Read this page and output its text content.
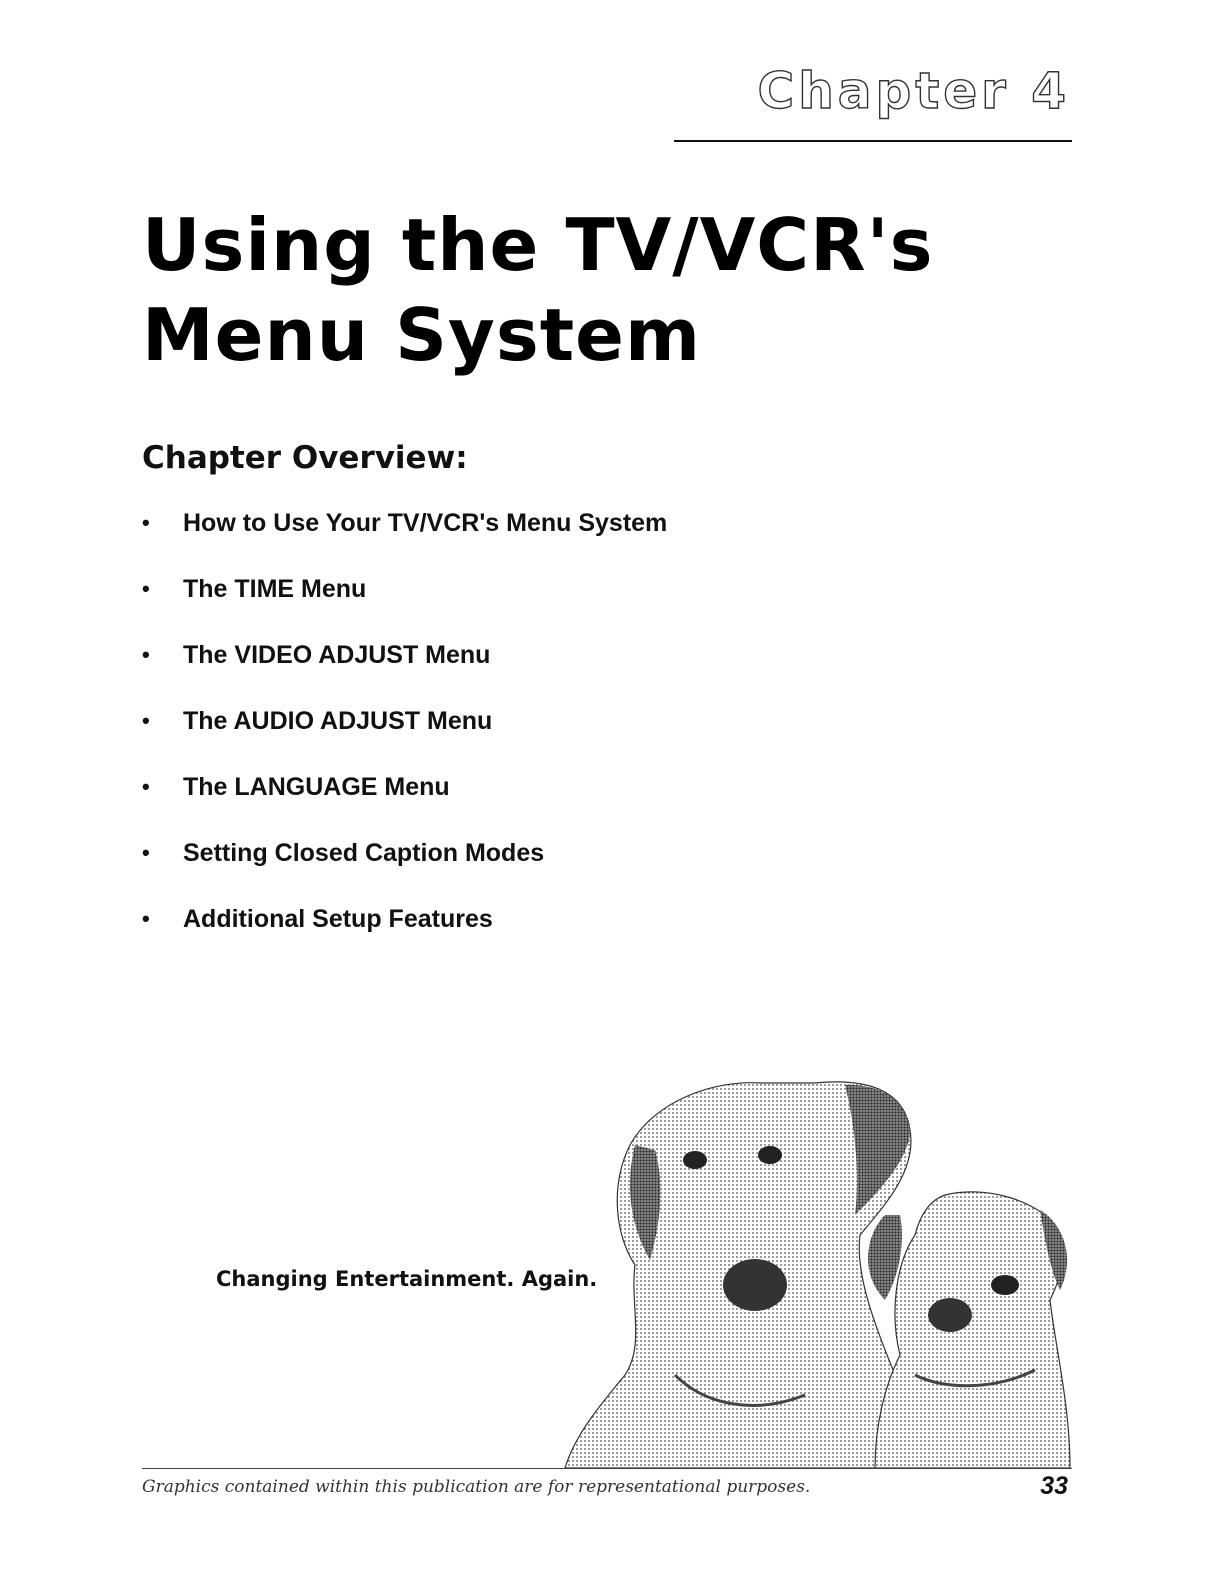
Chapter 4
Using the TV/VCR's
Menu System
Chapter Overview:
•	How to Use Your TV/VCR's Menu System
•	The TIME Menu
•	The VIDEO ADJUST Menu
•	The AUDIO ADJUST Menu
•	The LANGUAGE Menu
•	Setting Closed Caption Modes
•	Additional Setup Features
Changing Entertainment. Again.
Graphics contained within this publication are for representational purposes.	33
